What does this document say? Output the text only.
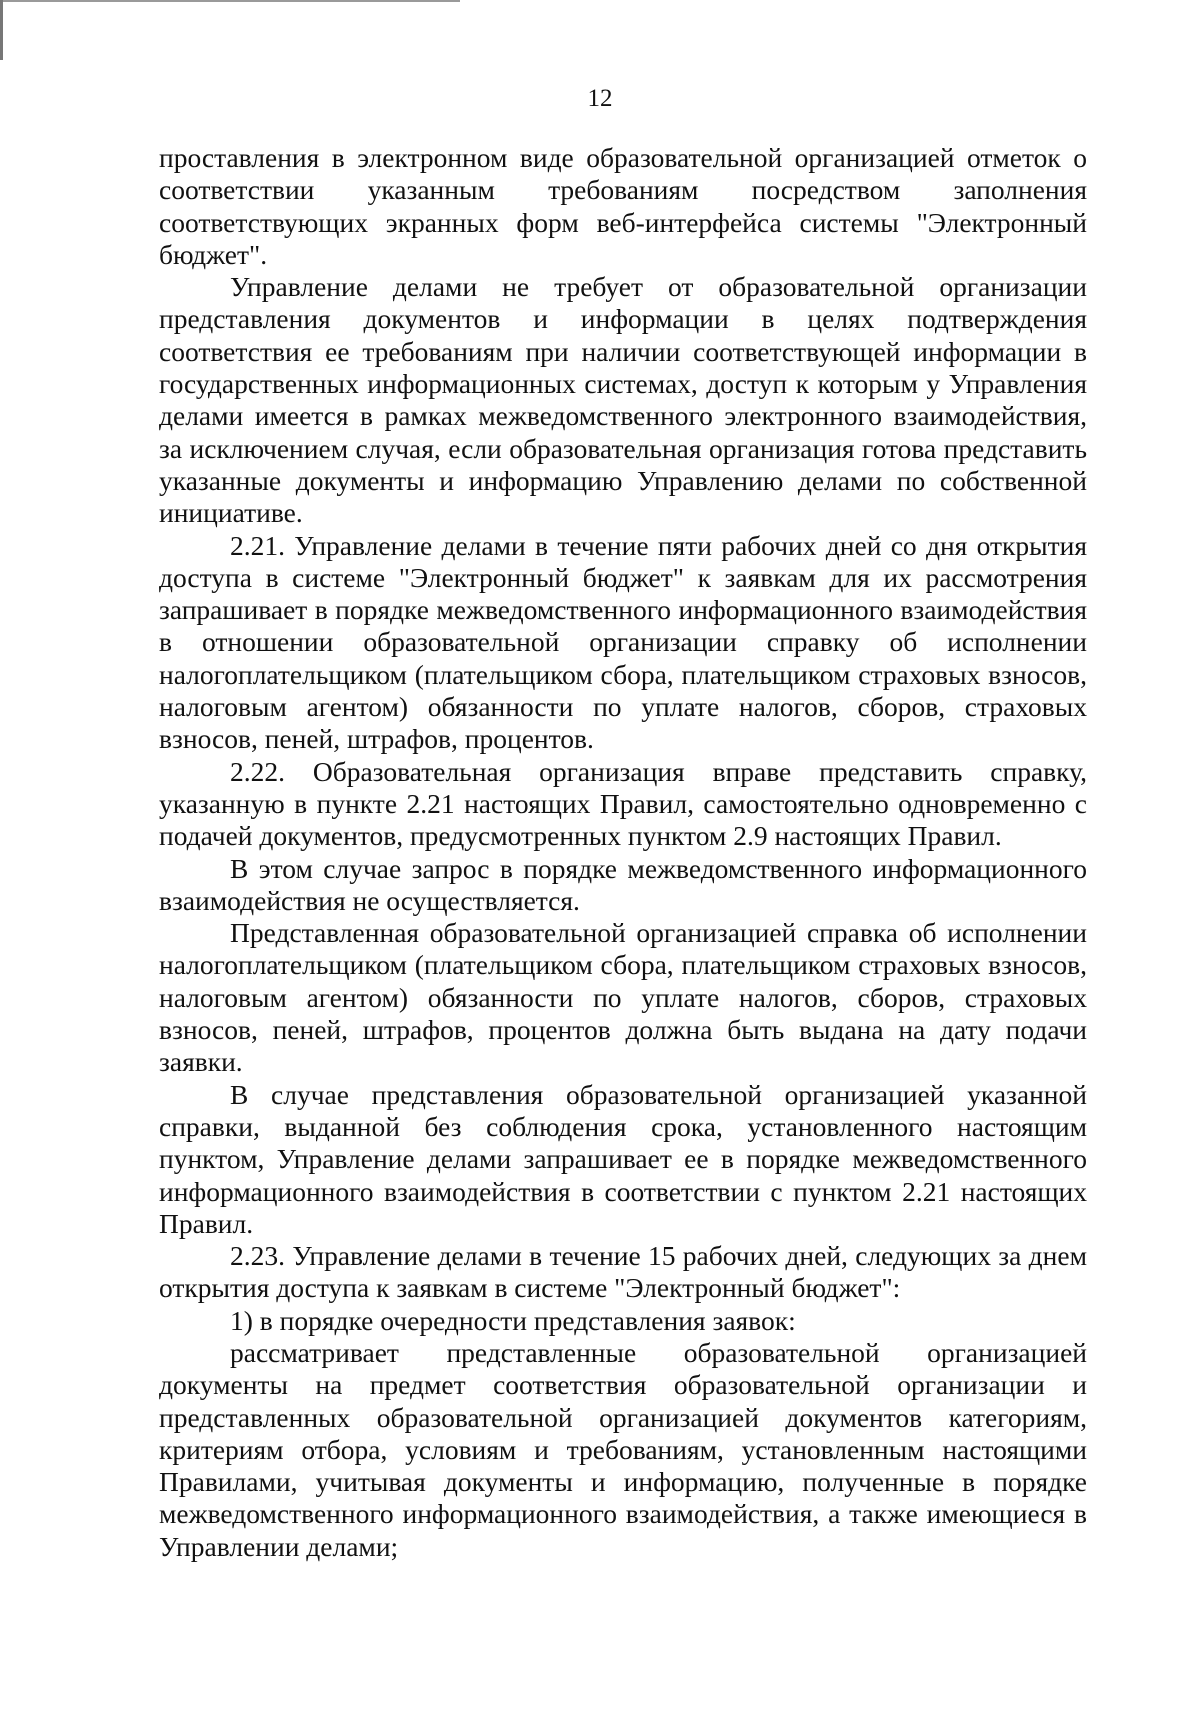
12

проставления в электронном виде образовательной организацией отметок о соответствии указанным требованиям посредством заполнения соответствующих экранных форм веб-интерфейса системы "Электронный бюджет".

Управление делами не требует от образовательной организации представления документов и информации в целях подтверждения соответствия ее требованиям при наличии соответствующей информации в государственных информационных системах, доступ к которым у Управления делами имеется в рамках межведомственного электронного взаимодействия, за исключением случая, если образовательная организация готова представить указанные документы и информацию Управлению делами по собственной инициативе.

2.21. Управление делами в течение пяти рабочих дней со дня открытия доступа в системе "Электронный бюджет" к заявкам для их рассмотрения запрашивает в порядке межведомственного информационного взаимодействия в отношении образовательной организации справку об исполнении налогоплательщиком (плательщиком сбора, плательщиком страховых взносов, налоговым агентом) обязанности по уплате налогов, сборов, страховых взносов, пеней, штрафов, процентов.

2.22. Образовательная организация вправе представить справку, указанную в пункте 2.21 настоящих Правил, самостоятельно одновременно с подачей документов, предусмотренных пунктом 2.9 настоящих Правил.

В этом случае запрос в порядке межведомственного информационного взаимодействия не осуществляется.

Представленная образовательной организацией справка об исполнении налогоплательщиком (плательщиком сбора, плательщиком страховых взносов, налоговым агентом) обязанности по уплате налогов, сборов, страховых взносов, пеней, штрафов, процентов должна быть выдана на дату подачи заявки.

В случае представления образовательной организацией указанной справки, выданной без соблюдения срока, установленного настоящим пунктом, Управление делами запрашивает ее в порядке межведомственного информационного взаимодействия в соответствии с пунктом 2.21 настоящих Правил.

2.23. Управление делами в течение 15 рабочих дней, следующих за днем открытия доступа к заявкам в системе "Электронный бюджет":

1) в порядке очередности представления заявок:

рассматривает представленные образовательной организацией документы на предмет соответствия образовательной организации и представленных образовательной организацией документов категориям, критериям отбора, условиям и требованиям, установленным настоящими Правилами, учитывая документы и информацию, полученные в порядке межведомственного информационного взаимодействия, а также имеющиеся в Управлении делами;
